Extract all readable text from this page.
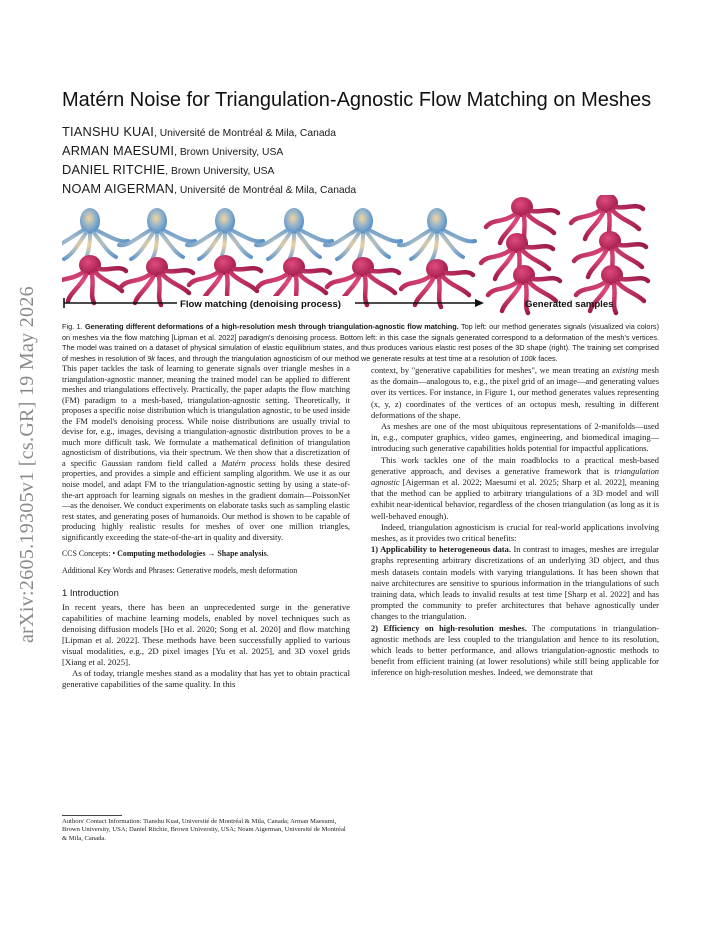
arXiv:2605.19305v1 [cs.GR] 19 May 2026
Matérn Noise for Triangulation-Agnostic Flow Matching on Meshes
TIANSHU KUAI, Université de Montréal & Mila, Canada
ARMAN MAESUMI, Brown University, USA
DANIEL RITCHIE, Brown University, USA
NOAM AIGERMAN, Université de Montréal & Mila, Canada
Flow matching (denoising process)	Generated samples
Fig. 1. Generating different deformations of a high-resolution mesh through triangulation-agnostic flow matching. Top left: our method generates signals (visualized via colors) on meshes via the flow matching [Lipman et al. 2022] paradigm's denoising process. Bottom left: in this case the signals generated correspond to a deformation of the mesh's vertices. The model was trained on a dataset of physical simulation of elastic equilibrium states, and thus produces various elastic rest poses of the 3D shape (right). The training set comprised of meshes in resolution of 9k faces, and through the triangulation agnosticism of our method we generate results at test time at a resolution of 100k faces.

This paper tackles the task of learning to generate signals over triangle meshes in a triangulation-agnostic manner, meaning the trained model can be applied to different meshes and triangulations effectively. Practically, the paper adapts the flow matching (FM) paradigm to a mesh-based, triangulation-agnostic setting. Theoretically, it proposes a specific noise distribution which is triangulation agnostic, to be used inside the FM model's denoising process. While noise distributions are usually trivial to devise for, e.g., images, devising a triangulation-agnostic distribution proves to be a much more difficult task. We formulate a mathematical definition of triangulation agnosticism of distributions, via their spectrum. We then show that a discretization of a specific Gaussian random field called a Matérn process holds these desired properties, and provides a simple and efficient sampling algorithm. We use it as our noise model, and adapt FM to the triangulation-agnostic setting by using a state-of-the-art approach for learning signals on meshes in the gradient domain—PoissonNet—as the denoiser. We conduct experiments on elaborate tasks such as sampling elastic rest states, and generating poses of humanoids. Our method is shown to be capable of producing highly realistic results for meshes of over one million triangles, significantly exceeding the state-of-the-art in quality and diversity.

CCS Concepts: • Computing methodologies → Shape analysis.
Additional Key Words and Phrases: Generative models, mesh deformation
1 Introduction

In recent years, there has been an unprecedented surge in the generative capabilities of machine learning models, enabled by novel techniques such as denoising diffusion models [Ho et al. 2020; Song et al. 2020] and flow matching [Lipman et al. 2022]. These methods have been successfully applied to various visual modalities, e.g., 2D pixel images [Yu et al. 2025], and 3D voxel grids [Xiang et al. 2025].

As of today, triangle meshes stand as a modality that has yet to obtain practical generative capabilities of the same quality. In this

Authors' Contact Information: Tianshu Kuai, Université de Montréal & Mila, Canada; Arman Maesumi, Brown University, USA; Daniel Ritchie, Brown University, USA; Noam Aigerman, Université de Montréal & Mila, Canada.

context, by "generative capabilities for meshes", we mean treating an existing mesh as the domain—analogous to, e.g., the pixel grid of an image—and generating values over its vertices. For instance, in Figure 1, our method generates values representing (x, y, z) coordinates of the vertices of an octopus mesh, resulting in different deformations of the shape.

As meshes are one of the most ubiquitous representations of 2-manifolds—used in, e.g., computer graphics, video games, engineering, and biomedical imaging—introducing such generative capabilities holds potential for impactful applications.

This work tackles one of the main roadblocks to a practical mesh-based generative approach, and devises a generative framework that is triangulation agnostic [Aigerman et al. 2022; Maesumi et al. 2025; Sharp et al. 2022], meaning that the method can be applied to arbitrary triangulations of a 3D model and will exhibit near-identical behavior, regardless of the chosen triangulation (as long as it is well-behaved enough).

Indeed, triangulation agnosticism is crucial for real-world applications involving meshes, as it provides two critical benefits:

1) Applicability to heterogeneous data. In contrast to images, meshes are irregular graphs representing arbitrary discretizations of an underlying 3D object, and thus mesh datasets contain models with varying triangulations. It has been shown that naive architectures are sensitive to spurious information in the triangulations of such training data, which leads to invalid results at test time [Sharp et al. 2022] and has prompted the community to prefer architectures that behave agnostically under changes to the triangulation.

2) Efficiency on high-resolution meshes. The computations in triangulation-agnostic methods are less coupled to the triangulation and hence to its resolution, which leads to better performance, and allows triangulation-agnostic methods to benefit from efficient training (at lower resolutions) while still being applicable for inference on high-resolution meshes. Indeed, we demonstrate that
